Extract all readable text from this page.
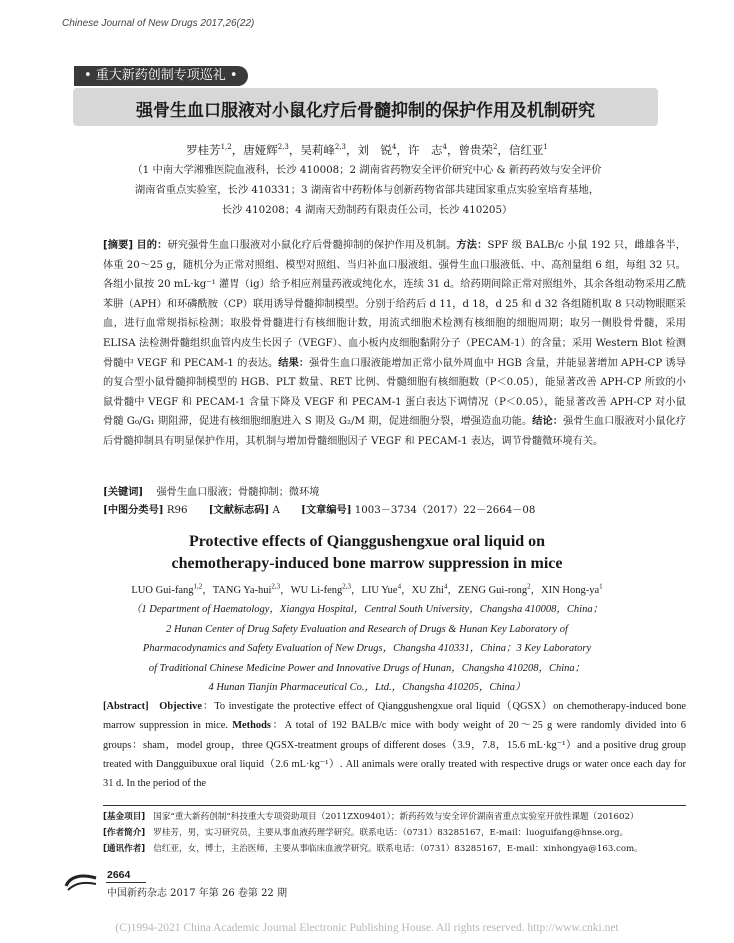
Chinese Journal of New Drugs 2017,26(22)
• 重大新药创制专项巡礼 •
强骨生血口服液对小鼠化疗后骨髓抑制的保护作用及机制研究
罗桂芳$^{1,2}$，唐娅辉$^{2,3}$，吴莉峰$^{2,3}$，刘　锐$^4$，许　志$^4$，曾贵荣$^2$，信红亚$^1$
（1 中南大学湘雅医院血液科，长沙 410008；2 湖南省药物安全评价研究中心 & 新药药效与安全评价
湖南省重点实验室，长沙 410331；3 湖南省中药粉体与创新药物省部共建国家重点实验室培育基地，
长沙 410208；4 湖南天劲制药有限责任公司，长沙 410205）
[摘要] 目的：研究强骨生血口服液对小鼠化疗后骨髓抑制的保护作用及机制。方法：SPF 级 BALB/c 小鼠 192 只，雌雄各半，体重 20～25 g，随机分为正常对照组、模型对照组、当归补血口服液组、强骨生血口服液低、中、高剂量组 6 组，每组 32 只。各组小鼠按 20 mL·kg⁻¹ 灌胃（ig）给予相应剂量药液或纯化水，连续 31 d。给药期间除正常对照组外，其余各组动物采用乙酰苯肼（APH）和环磷酰胺（CP）联用诱导骨髓抑制模型。分别于给药后 d 11，d 18，d 25 和 d 32 各组随机取 8 只动物眼眶采血，进行血常规指标检测；取股骨骨髓进行有核细胞计数，用流式细胞术检测有核细胞的细胞周期；取另一侧股骨骨髓，采用 ELISA 法检测骨髓组织血管内皮生长因子（VEGF）、血小板内皮细胞黏附分子（PECAM-1）的含量；采用 Western Blot 检测骨髓中 VEGF 和 PECAM-1 的表达。结果：强骨生血口服液能增加正常小鼠外周血中 HGB 含量，并能显著增加 APH-CP 诱导的复合型小鼠骨髓抑制模型的 HGB、PLT 数量、RET 比例、骨髓细胞有核细胞数（P＜0.05），能显著改善 APH-CP 所致的小鼠骨髓中 VEGF 和 PECAM-1 含量下降及 VEGF 和 PECAM-1 蛋白表达下调情况（P＜0.05），能显著改善 APH-CP 对小鼠骨髓 G₀/G₁ 期阻滞，促进有核细胞细胞进入 S 期及 G₂/M 期，促进细胞分裂，增强造血功能。结论：强骨生血口服液对小鼠化疗后骨髓抑制具有明显保护作用，其机制与增加骨髓细胞因子 VEGF 和 PECAM-1 表达，调节骨髓微环境有关。
[关键词] 强骨生血口服液；骨髓抑制；微环境
[中图分类号] R96 [文献标志码] A [文章编号] 1003－3734（2017）22－2664－08
Protective effects of Qianggushengxue oral liquid on
chemotherapy-induced bone marrow suppression in mice
LUO Gui-fang$^{1,2}$，TANG Ya-hui$^{2,3}$，WU Li-feng$^{2,3}$，LIU Yue$^4$，XU Zhi$^4$，ZENG Gui-rong$^2$，XIN Hong-$ya^1$
（1 Department of Haematology，Xiangya Hospital，Central South University，Changsha 410008，China；
2 Hunan Center of Drug Safety Evaluation and Research of Drugs & Hunan Key Laboratory of
Pharmacodynamics and Safety Evaluation of New Drugs，Changsha 410331，China；3 Key Laboratory
of Traditional Chinese Medicine Power and Innovative Drugs of Hunan，Changsha 410208，China；
4 Hunan Tianjin Pharmaceutical Co.，Ltd.，Changsha 410205，China）
[Abstract] Objective：To investigate the protective effect of Qianggushengxue oral liquid（QGSX）on chemotherapy-induced bone marrow suppression in mice. Methods：A total of 192 BALB/c mice with body weight of 20～25 g were randomly divided into 6 groups：sham，model group，three QGSX-treatment groups of different doses（3.9，7.8，15.6 mL·kg⁻¹）and a positive drug group treated with Dangguibuxue oral liquid（2.6 mL·kg⁻¹）. All animals were orally treated with respective drugs or water once each day for 31 d. In the period of the
[基金项目] 国家“重大新药创制”科技重大专项资助项目（2011ZX09401）；新药药效与安全评价湖南省重点实验室开放性课题（201602）
[作者简介] 罗桂芳，男，实习研究员，主要从事血液药理学研究。联系电话：（0731）83285167，E-mail：luoguifang@hnse.org。
[通讯作者] 信红亚，女，博士，主治医师，主要从事临床血液学研究。联系电话：（0731）83285167，E-mail：xinhongya@163.com。
2664
中国新药杂志 2017 年第 26 卷第 22 期
(C)1994-2021 China Academic Journal Electronic Publishing House. All rights reserved. http://www.cnki.net
